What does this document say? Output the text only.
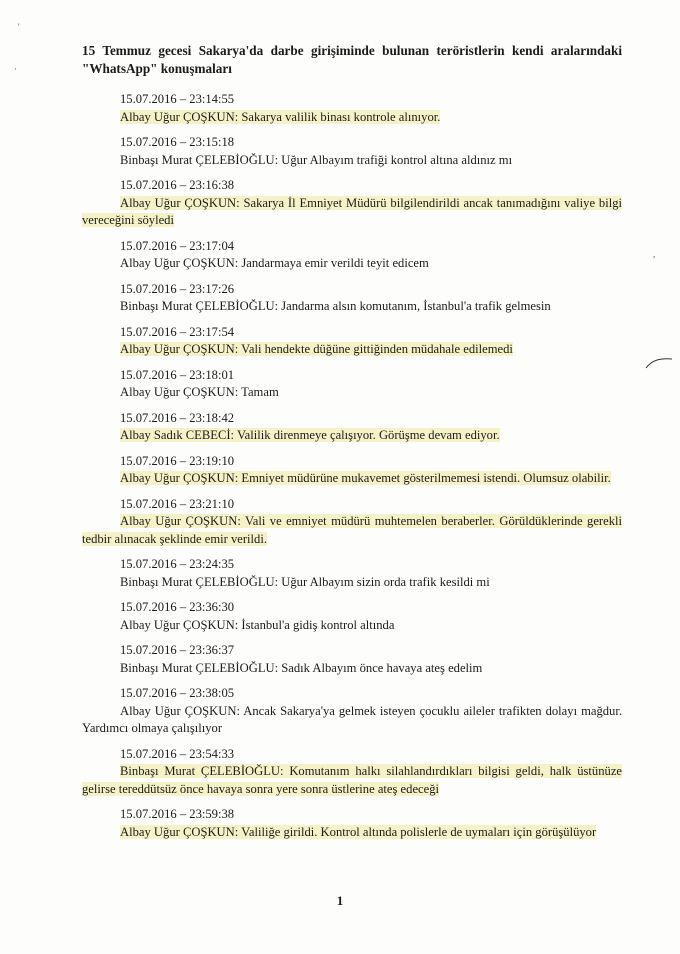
'
·
,
15 Temmuz gecesi Sakarya'da darbe girişiminde bulunan teröristlerin kendi aralarındaki "WhatsApp" konuşmaları
15.07.2016 – 23:14:55
Albay Uğur ÇOŞKUN: Sakarya valilik binası kontrole alınıyor.
15.07.2016 – 23:15:18
Binbaşı Murat ÇELEBİOĞLU: Uğur Albayım trafiği kontrol altına aldınız mı
15.07.2016 – 23:16:38
Albay Uğur ÇOŞKUN: Sakarya İl Emniyet Müdürü bilgilendirildi ancak tanımadığını valiye bilgi vereceğini söyledi
15.07.2016 – 23:17:04
Albay Uğur ÇOŞKUN: Jandarmaya emir verildi teyit edicem
15.07.2016 – 23:17:26
Binbaşı Murat ÇELEBİOĞLU: Jandarma alsın komutanım, İstanbul'a trafik gelmesin
15.07.2016 – 23:17:54
Albay Uğur ÇOŞKUN: Vali hendekte düğüne gittiğinden müdahale edilemedi
15.07.2016 – 23:18:01
Albay Uğur ÇOŞKUN: Tamam
15.07.2016 – 23:18:42
Albay Sadık CEBECİ: Valilik direnmeye çalışıyor. Görüşme devam ediyor.
15.07.2016 – 23:19:10
Albay Uğur ÇOŞKUN: Emniyet müdürüne mukavemet gösterilmemesi istendi. Olumsuz olabilir.
15.07.2016 – 23:21:10
Albay Uğur ÇOŞKUN: Vali ve emniyet müdürü muhtemelen beraberler. Görüldüklerinde gerekli tedbir alınacak şeklinde emir verildi.
15.07.2016 – 23:24:35
Binbaşı Murat ÇELEBİOĞLU: Uğur Albayım sizin orda trafik kesildi mi
15.07.2016 – 23:36:30
Albay Uğur ÇOŞKUN: İstanbul'a gidiş kontrol altında
15.07.2016 – 23:36:37
Binbaşı Murat ÇELEBİOĞLU: Sadık Albayım önce havaya ateş edelim
15.07.2016 – 23:38:05
Albay Uğur ÇOŞKUN: Ancak Sakarya'ya gelmek isteyen çocuklu aileler trafikten dolayı mağdur. Yardımcı olmaya çalışılıyor
15.07.2016 – 23:54:33
Binbaşı Murat ÇELEBİOĞLU: Komutanım halkı silahlandırdıkları bilgisi geldi, halk üstünüze gelirse tereddütsüz önce havaya sonra yere sonra üstlerine ateş edeceği
15.07.2016 – 23:59:38
Albay Uğur ÇOŞKUN: Valiliğe girildi. Kontrol altında polislerle de uymaları için görüşülüyor
1
